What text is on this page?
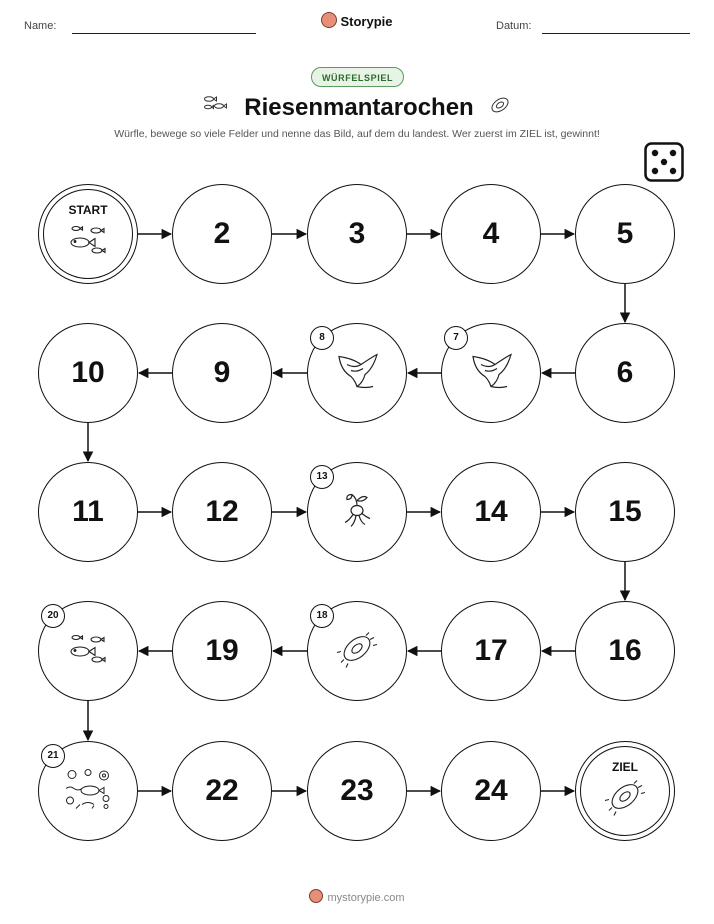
Name:	Storypie	Datum:
WÜRFELSPIEL
Riesenmantarochen
Würfle, bewege so viele Felder und nenne das Bild, auf dem du landest. Wer zuerst im ZIEL ist, gewinnt!
START
2	3	4	5
6
7
8
9
10
11	12
13
14	15
16
17
18
19
20
21
22	23	24
ZIEL
mystorypie.com
